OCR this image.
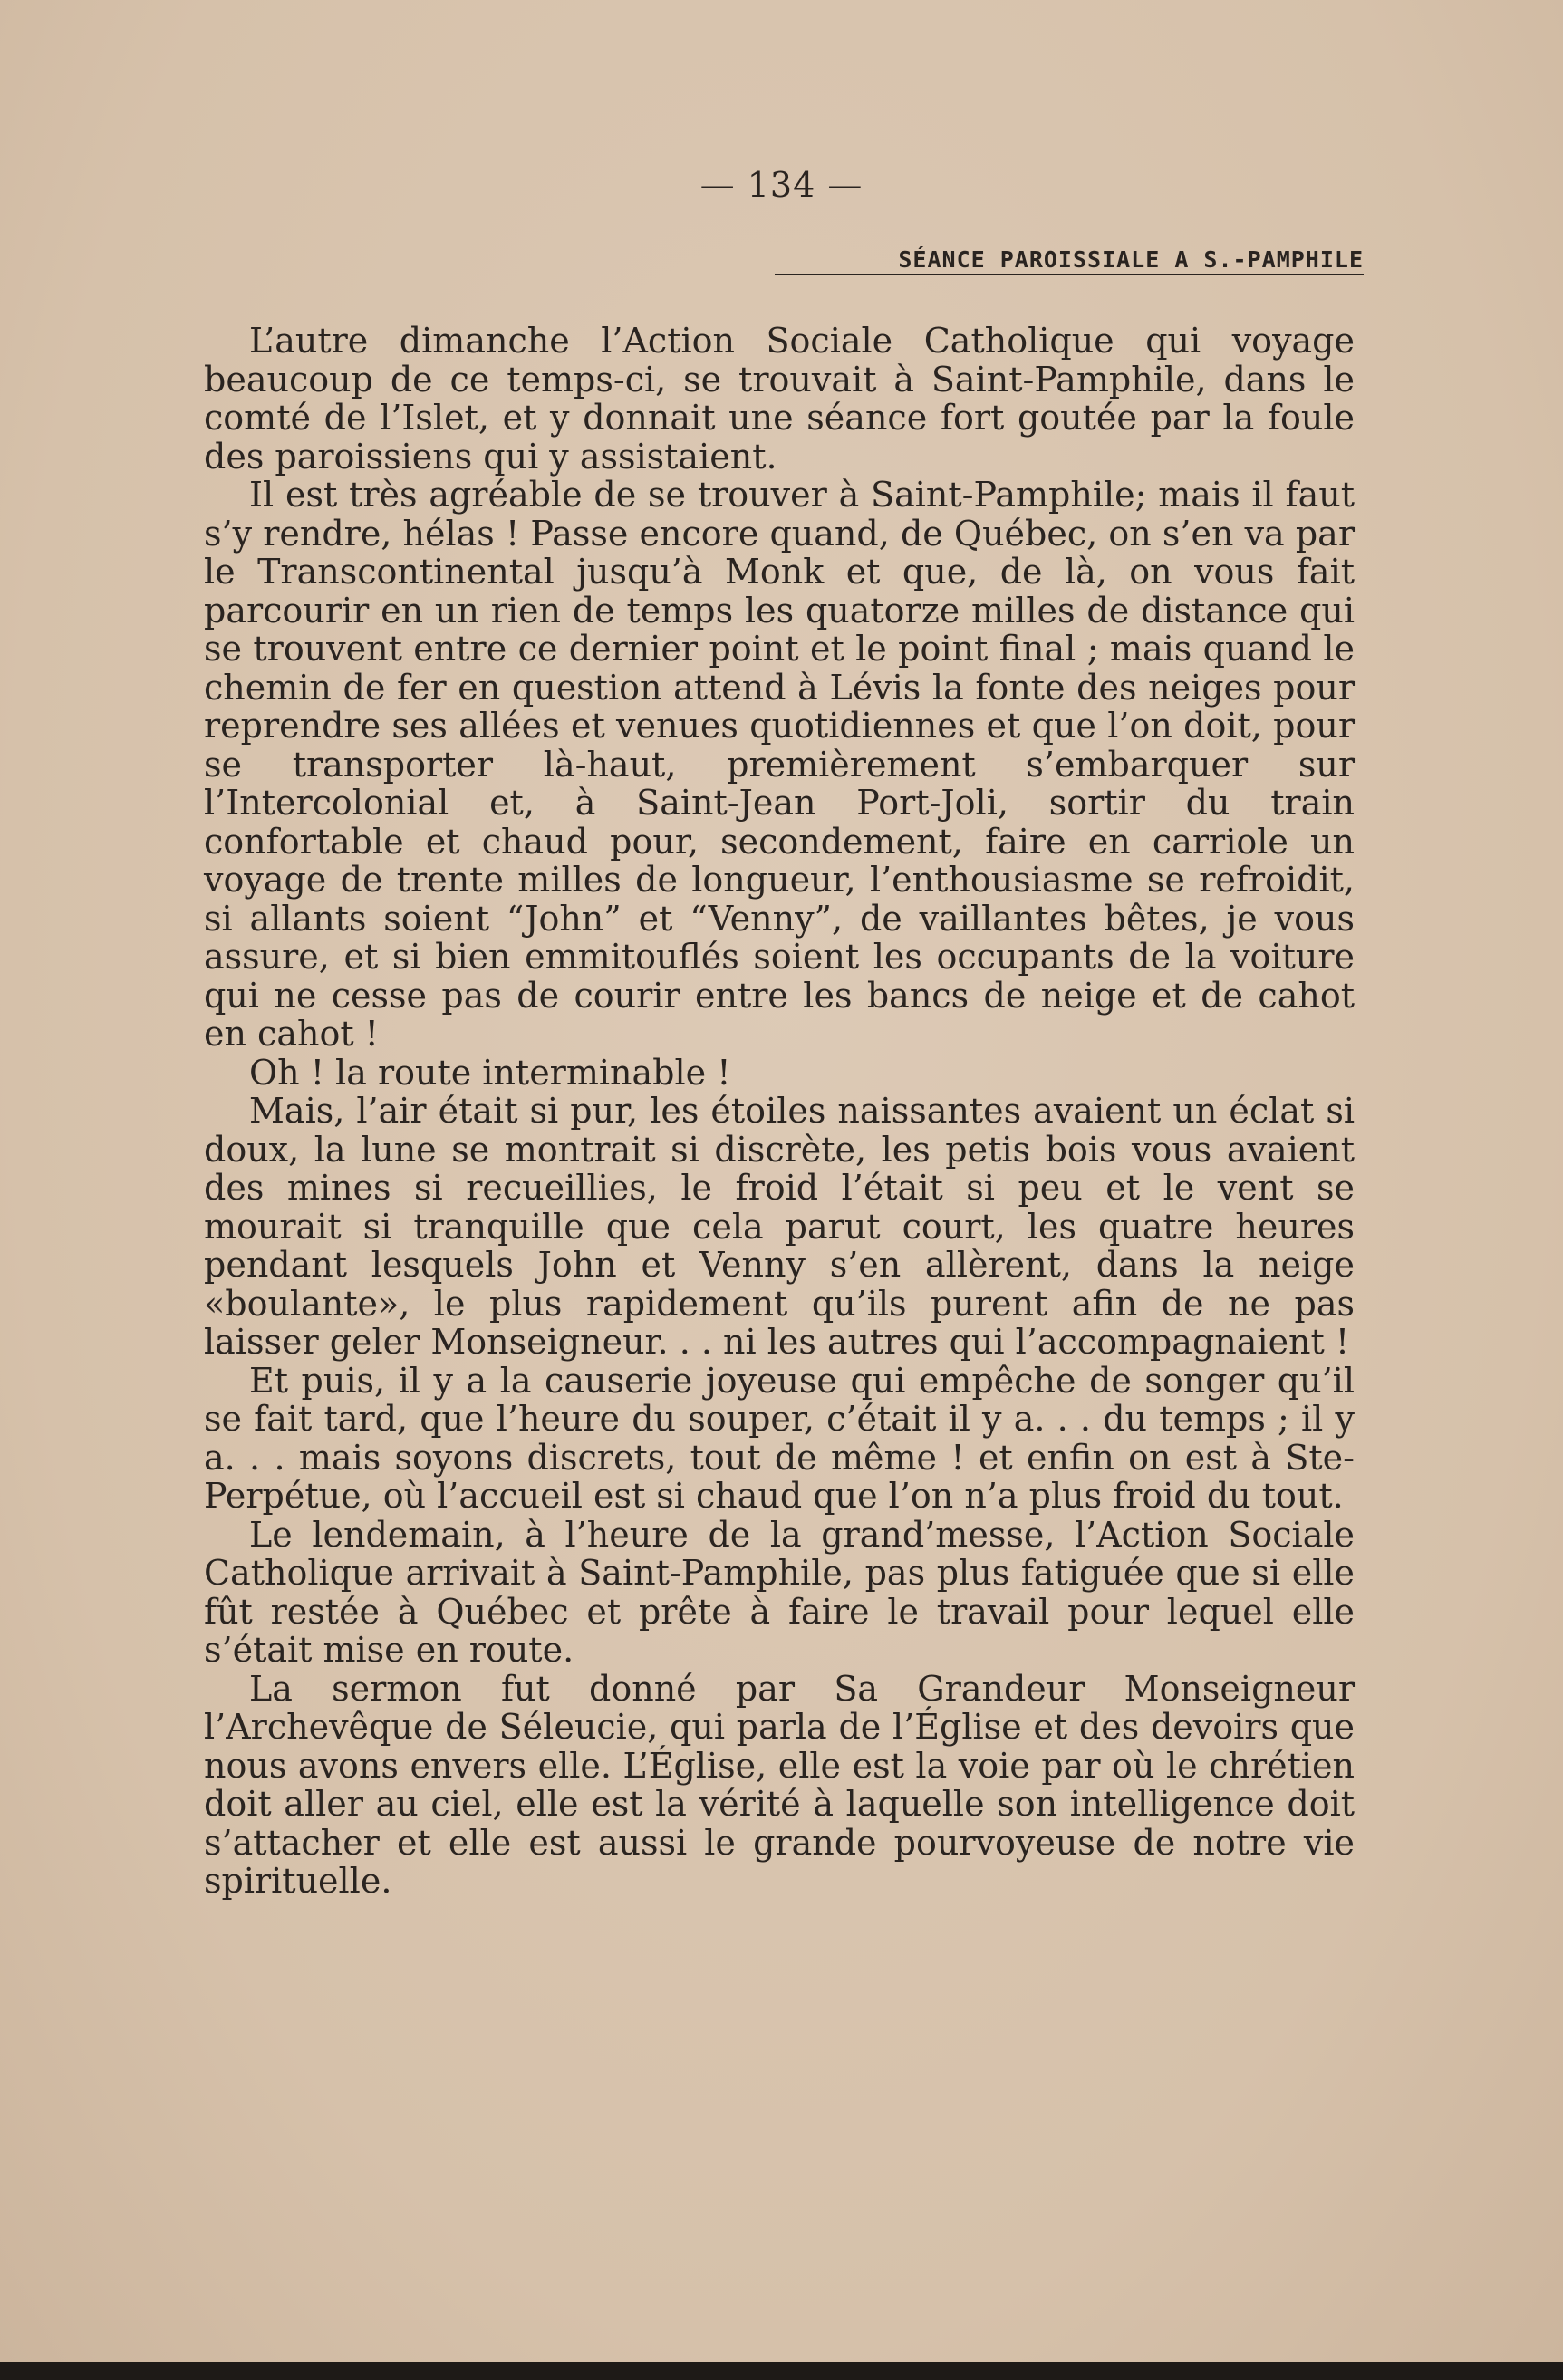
— 134 —
SÉANCE PAROISSIALE A S.-PAMPHILE

L’autre dimanche l’Action Sociale Catholique qui voyage beaucoup de ce temps-ci, se trouvait à Saint-Pamphile, dans le comté de l’Islet, et y donnait une séance fort goutée par la foule des paroissiens qui y assistaient.

Il est très agréable de se trouver à Saint-Pamphile; mais il faut s’y rendre, hélas ! Passe encore quand, de Québec, on s’en va par le Transcontinental jusqu’à Monk et que, de là, on vous fait parcourir en un rien de temps les quatorze milles de distance qui se trouvent entre ce dernier point et le point final ; mais quand le chemin de fer en question attend à Lévis la fonte des neiges pour reprendre ses allées et venues quotidiennes et que l’on doit, pour se transporter là-haut, premièrement s’embarquer sur l’Intercolonial et, à Saint-Jean Port-Joli, sortir du train confortable et chaud pour, secondement, faire en carriole un voyage de trente milles de longueur, l’enthousiasme se refroidit, si allants soient “John” et “Venny”, de vaillantes bêtes, je vous assure, et si bien emmitouflés soient les occupants de la voiture qui ne cesse pas de courir entre les bancs de neige et de cahot en cahot !

Oh ! la route interminable !

Mais, l’air était si pur, les étoiles naissantes avaient un éclat si doux, la lune se montrait si discrète, les petis bois vous avaient des mines si recueillies, le froid l’était si peu et le vent se mourait si tranquille que cela parut court, les quatre heures pendant lesquels John et Venny s’en allèrent, dans la neige «boulante», le plus rapidement qu’ils purent afin de ne pas laisser geler Monseigneur. . . ni les autres qui l’accompagnaient !

Et puis, il y a la causerie joyeuse qui empêche de songer qu’il se fait tard, que l’heure du souper, c’était il y a. . . du temps ; il y a. . . mais soyons discrets, tout de même ! et enfin on est à Ste-Perpétue, où l’accueil est si chaud que l’on n’a plus froid du tout.

Le lendemain, à l’heure de la grand’messe, l’Action Sociale Catholique arrivait à Saint-Pamphile, pas plus fatiguée que si elle fût restée à Québec et prête à faire le travail pour lequel elle s’était mise en route.

La sermon fut donné par Sa Grandeur Monseigneur l’Archevêque de Séleucie, qui parla de l’Église et des devoirs que nous avons envers elle. L’Église, elle est la voie par où le chrétien doit aller au ciel, elle est la vérité à laquelle son intelligence doit s’attacher et elle est aussi le grande pourvoyeuse de notre vie spirituelle.
